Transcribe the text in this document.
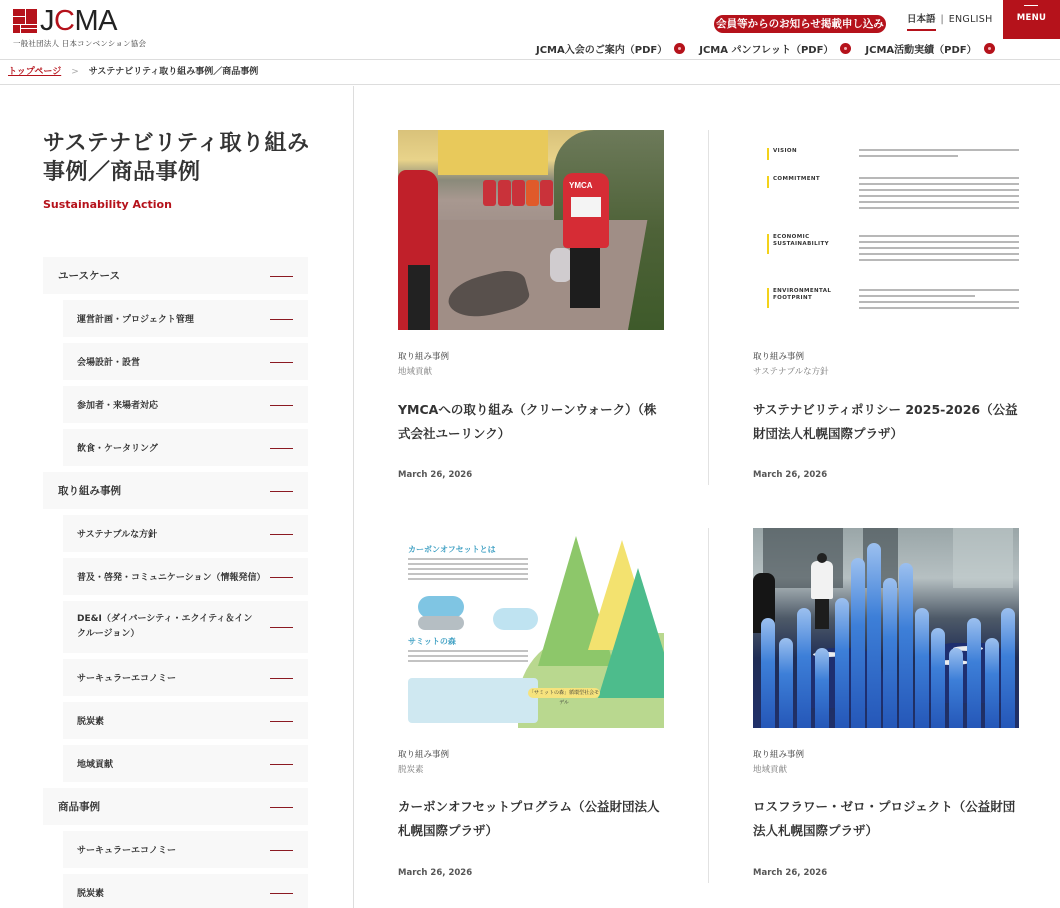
JCMA
一般社団法人 日本コンベンション協会
会員等からのお知らせ掲載申し込み 日本語 | ENGLISH	MENU
JCMA入会のご案内（PDF）	JCMA パンフレット（PDF）	JCMA活動実績（PDF）
トップページ > サステナビリティ取り組み事例／商品事例
サステナビリティ取り組み事例／商品事例
Sustainability Action
ユースケース
運営計画・プロジェクト管理
会場設計・設営
参加者・来場者対応
飲食・ケータリング
取り組み事例
サステナブルな方針
普及・啓発・コミュニケーション（情報発信）
DE&I（ダイバーシティ・エクイティ＆インクルージョン）
サーキュラーエコノミー
脱炭素
地域貢献
商品事例
サーキュラーエコノミー
脱炭素
YMCA
取り組み事例
地域貢献
YMCAへの取り組み（クリーンウォーク）（株式会社ユーリンク）
March 26, 2026
VISION
COMMITMENT
ECONOMIC SUSTAINABILITY
ENVIRONMENTAL FOOTPRINT
取り組み事例
サステナブルな方針
サステナビリティポリシー 2025-2026（公益財団法人札幌国際プラザ）
March 26, 2026
カーボンオフセットとは
サミットの森
「サミットの森」循環型社会モデル
取り組み事例
脱炭素
カーボンオフセットプログラム（公益財団法人札幌国際プラザ）
March 26, 2026
取り組み事例
地域貢献
ロスフラワー・ゼロ・プロジェクト（公益財団法人札幌国際プラザ）
March 26, 2026
